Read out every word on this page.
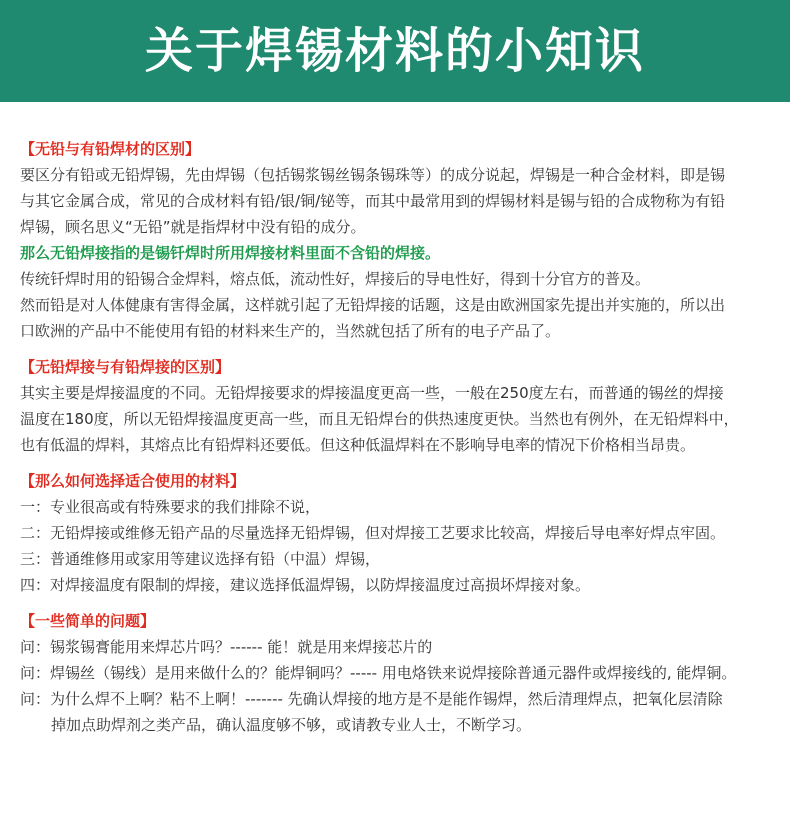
关于焊锡材料的小知识

【无铅与有铅焊材的区别】

要区分有铅或无铅焊锡，先由焊锡（包括锡浆锡丝锡条锡珠等）的成分说起，焊锡是一种合金材料，即是锡

与其它金属合成，常见的合成材料有铅/银/铜/铋等，而其中最常用到的焊锡材料是锡与铅的合成物称为有铅

焊锡，顾名思义“无铅”就是指焊材中没有铅的成分。

那么无铅焊接指的是锡钎焊时所用焊接材料里面不含铅的焊接。

传统钎焊时用的铅锡合金焊料，熔点低，流动性好，焊接后的导电性好，得到十分官方的普及。

然而铅是对人体健康有害得金属，这样就引起了无铅焊接的话题，这是由欧洲国家先提出并实施的，所以出

口欧洲的产品中不能使用有铅的材料来生产的，当然就包括了所有的电子产品了。

【无铅焊接与有铅焊接的区别】

其实主要是焊接温度的不同。无铅焊接要求的焊接温度更高一些，一般在250度左右，而普通的锡丝的焊接

温度在180度，所以无铅焊接温度更高一些，而且无铅焊台的供热速度更快。当然也有例外，在无铅焊料中，

也有低温的焊料，其熔点比有铅焊料还要低。但这种低温焊料在不影响导电率的情况下价格相当昂贵。

【那么如何选择适合使用的材料】

一：专业很高或有特殊要求的我们排除不说，

二：无铅焊接或维修无铅产品的尽量选择无铅焊锡，但对焊接工艺要求比较高，焊接后导电率好焊点牢固。

三：普通维修用或家用等建议选择有铅（中温）焊锡，

四：对焊接温度有限制的焊接，建议选择低温焊锡，以防焊接温度过高损坏焊接对象。

【一些简单的问题】

问：锡浆锡膏能用来焊芯片吗？------ 能！就是用来焊接芯片的

问：焊锡丝（锡线）是用来做什么的？能焊铜吗？----- 用电烙铁来说焊接除普通元器件或焊接线的, 能焊铜。

问：为什么焊不上啊？粘不上啊！------- 先确认焊接的地方是不是能作锡焊，然后清理焊点，把氧化层清除

掉加点助焊剂之类产品，确认温度够不够，或请教专业人士，不断学习。
